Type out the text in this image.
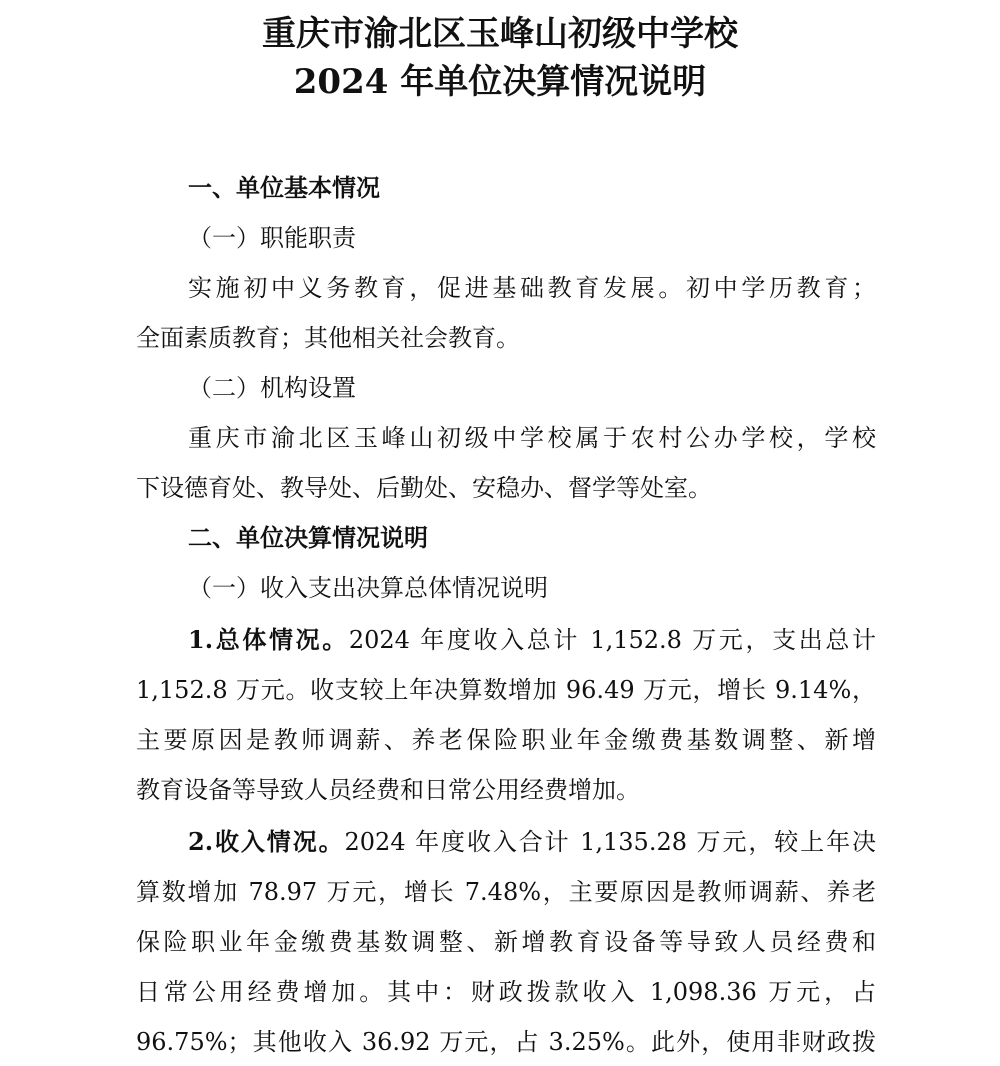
重庆市渝北区玉峰山初级中学校
2024 年单位决算情况说明

一、单位基本情况

（一）职能职责

实施初中义务教育，促进基础教育发展。初中学历教育；

全面素质教育；其他相关社会教育。

（二）机构设置

重庆市渝北区玉峰山初级中学校属于农村公办学校，学校

下设德育处、教导处、后勤处、安稳办、督学等处室。

二、单位决算情况说明

（一）收入支出决算总体情况说明

1.总体情况。2024 年度收入总计 1,152.8 万元，支出总计

1,152.8 万元。收支较上年决算数增加 96.49 万元，增长 9.14%，

主要原因是教师调薪、养老保险职业年金缴费基数调整、新增

教育设备等导致人员经费和日常公用经费增加。

2.收入情况。2024 年度收入合计 1,135.28 万元，较上年决

算数增加 78.97 万元，增长 7.48%，主要原因是教师调薪、养老

保险职业年金缴费基数调整、新增教育设备等导致人员经费和

日常公用经费增加。其中：财政拨款收入 1,098.36 万元，占

96.75%；其他收入 36.92 万元，占 3.25%。此外，使用非财政拨
